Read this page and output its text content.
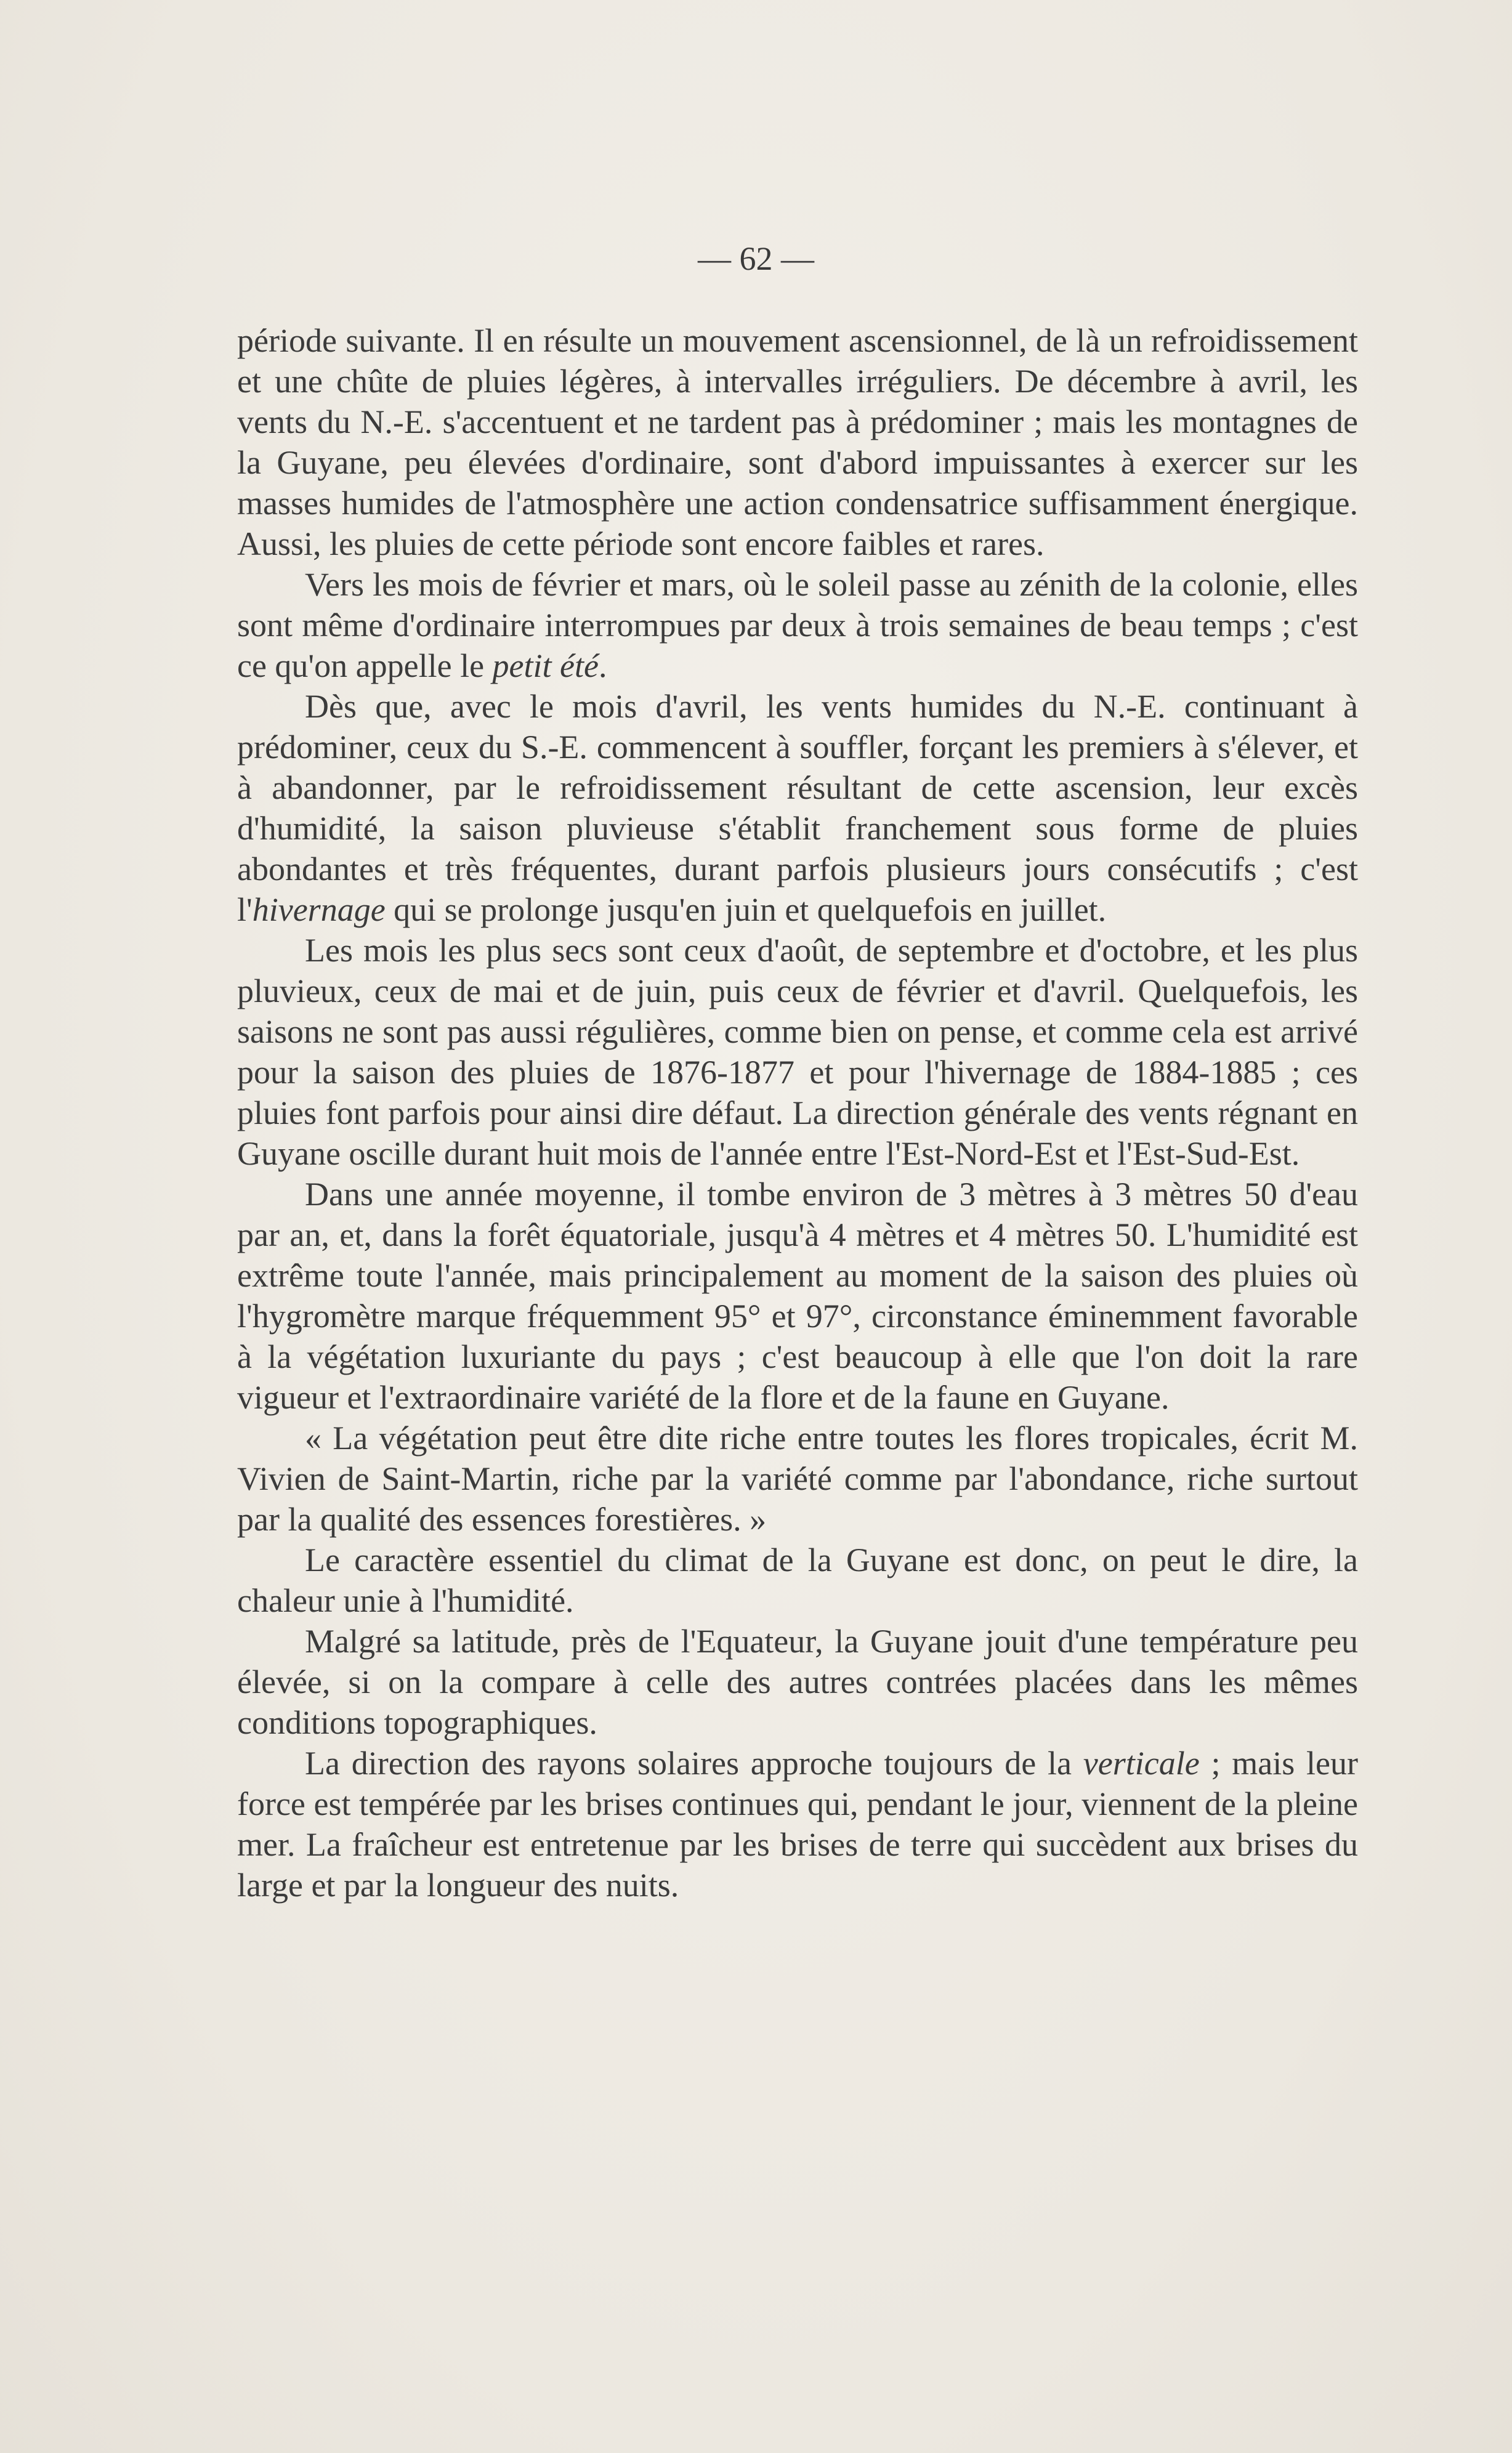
— 62 —

période suivante. Il en résulte un mouvement ascensionnel, de là un refroidissement et une chûte de pluies légères, à intervalles irréguliers. De décembre à avril, les vents du N.-E. s'accentuent et ne tardent pas à prédominer ; mais les montagnes de la Guyane, peu élevées d'ordinaire, sont d'abord impuissantes à exercer sur les masses humides de l'atmosphère une action condensatrice suffisamment énergique. Aussi, les pluies de cette période sont encore faibles et rares.

Vers les mois de février et mars, où le soleil passe au zénith de la colonie, elles sont même d'ordinaire interrompues par deux à trois semaines de beau temps ; c'est ce qu'on appelle le petit été.

Dès que, avec le mois d'avril, les vents humides du N.-E. continuant à prédominer, ceux du S.-E. commencent à souffler, forçant les premiers à s'élever, et à abandonner, par le refroidissement résultant de cette ascension, leur excès d'humidité, la saison pluvieuse s'établit franchement sous forme de pluies abondantes et très fréquentes, durant parfois plusieurs jours consécutifs ; c'est l'hivernage qui se prolonge jusqu'en juin et quelquefois en juillet.

Les mois les plus secs sont ceux d'août, de septembre et d'octobre, et les plus pluvieux, ceux de mai et de juin, puis ceux de février et d'avril. Quelquefois, les saisons ne sont pas aussi régulières, comme bien on pense, et comme cela est arrivé pour la saison des pluies de 1876-1877 et pour l'hivernage de 1884-1885 ; ces pluies font parfois pour ainsi dire défaut. La direction générale des vents régnant en Guyane oscille durant huit mois de l'année entre l'Est-Nord-Est et l'Est-Sud-Est.

Dans une année moyenne, il tombe environ de 3 mètres à 3 mètres 50 d'eau par an, et, dans la forêt équatoriale, jusqu'à 4 mètres et 4 mètres 50. L'humidité est extrême toute l'année, mais principalement au moment de la saison des pluies où l'hygromètre marque fréquemment 95° et 97°, circonstance éminemment favorable à la végétation luxuriante du pays ; c'est beaucoup à elle que l'on doit la rare vigueur et l'extraordinaire variété de la flore et de la faune en Guyane.

« La végétation peut être dite riche entre toutes les flores tropicales, écrit M. Vivien de Saint-Martin, riche par la variété comme par l'abondance, riche surtout par la qualité des essences forestières. »

Le caractère essentiel du climat de la Guyane est donc, on peut le dire, la chaleur unie à l'humidité.

Malgré sa latitude, près de l'Equateur, la Guyane jouit d'une température peu élevée, si on la compare à celle des autres contrées placées dans les mêmes conditions topographiques.

La direction des rayons solaires approche toujours de la verticale ; mais leur force est tempérée par les brises continues qui, pendant le jour, viennent de la pleine mer. La fraîcheur est entretenue par les brises de terre qui succèdent aux brises du large et par la longueur des nuits.
